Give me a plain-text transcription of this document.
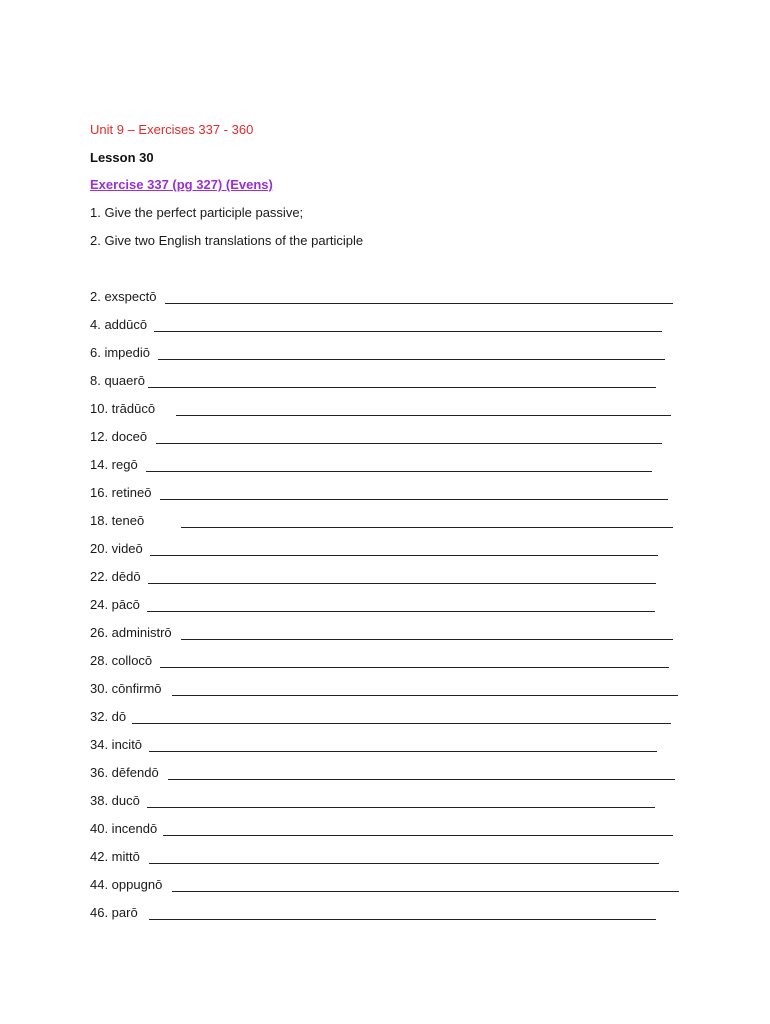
Unit 9 – Exercises 337 - 360
Lesson 30
Exercise 337 (pg 327) (Evens)
1. Give the perfect participle passive;
2. Give two English translations of the participle
2. exspectō
4. addūcō
6. impediō
8. quaerō
10. trādūcō
12. doceō
14. regō
16. retineō
18. teneō
20. videō
22. dēdō
24. pācō
26. administrō
28. collocō
30. cōnfirmō
32. dō
34. incitō
36. dēfendō
38. ducō
40. incendō
42. mittō
44. oppugnō
46. parō
